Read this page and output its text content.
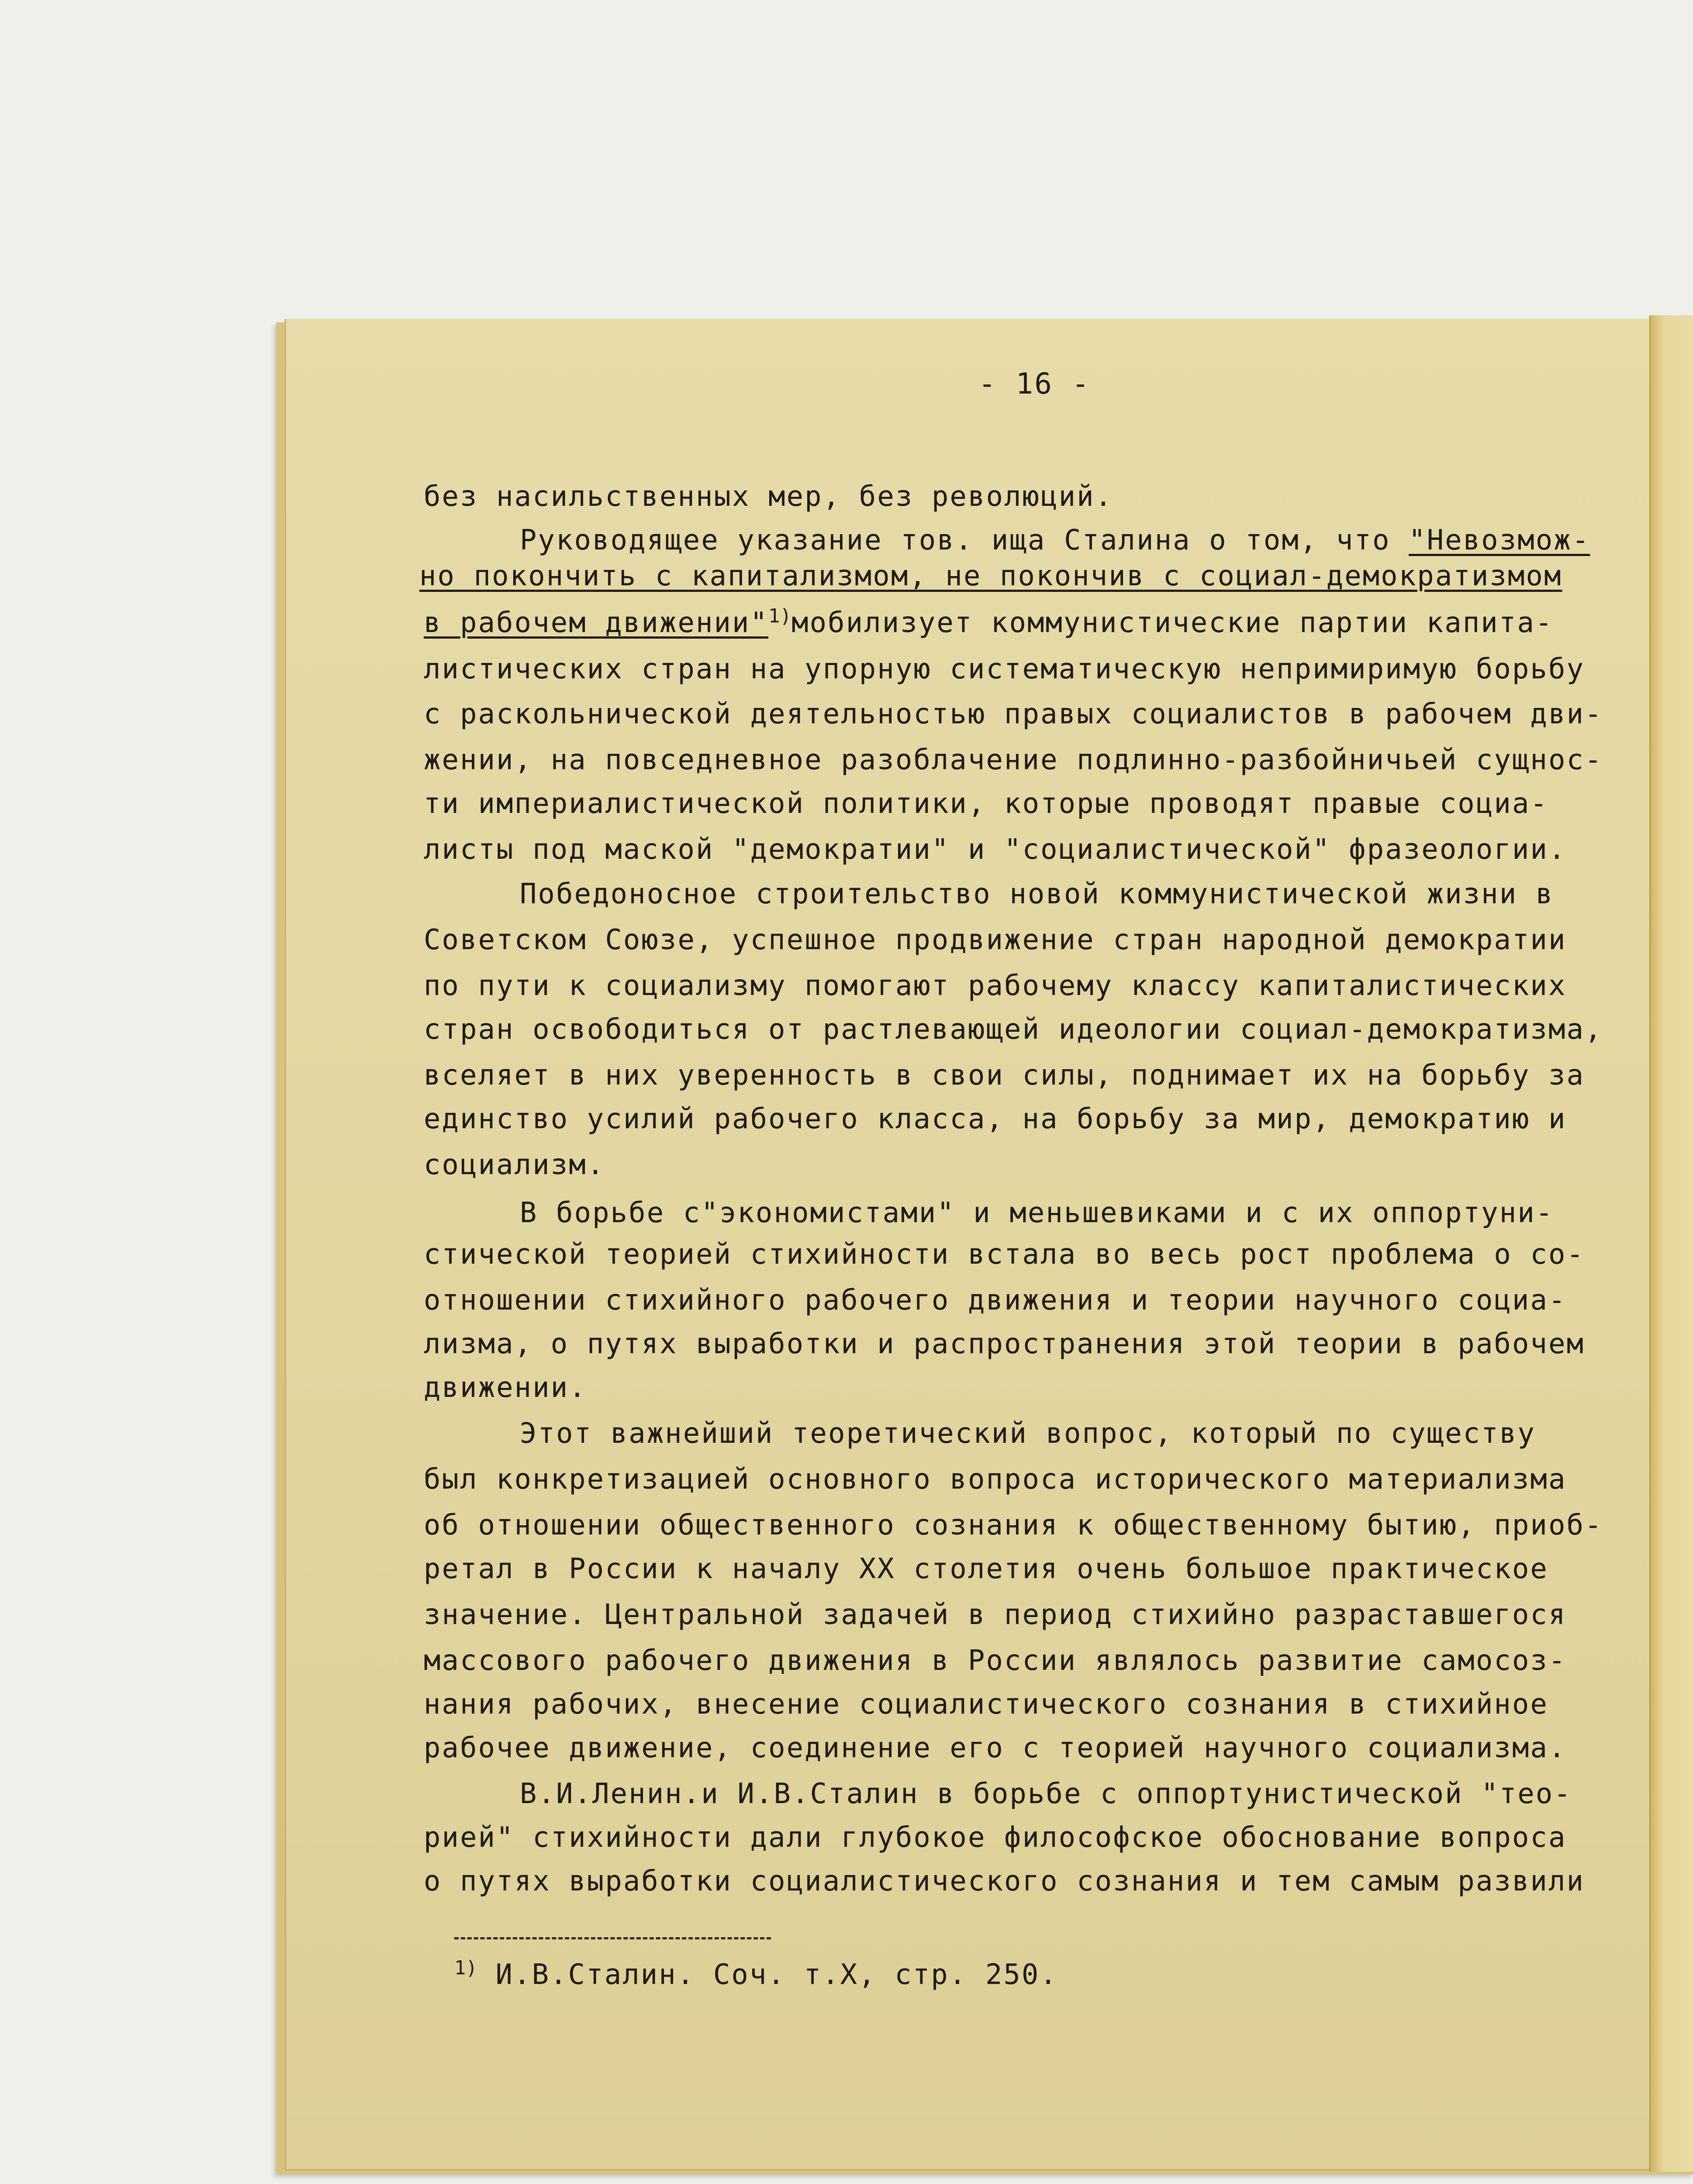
- 16 -
без насильственных мер, без революций.
Руководящее указание тов. ища Сталина о том, что "Невозмож-
но покончить с капитализмом, не покончив с социал-демократизмом
в рабочем движении"$^{1)}$мобилизует коммунистические партии капита-
листических стран на упорную систематическую непримиримую борьбу
с раскольнической деятельностью правых социалистов в рабочем дви-
жении, на повседневное разоблачение подлинно-разбойничьей сущнос-
ти империалистической политики, которые проводят правые социа-
листы под маской "демократии" и "социалистической" фразеологии.
Победоносное строительство новой коммунистической жизни в
Советском Союзе, успешное продвижение стран народной демократии
по пути к социализму помогают рабочему классу капиталистических
стран освободиться от растлевающей идеологии социал-демократизма,
вселяет в них уверенность в свои силы, поднимает их на борьбу за
единство усилий рабочего класса, на борьбу за мир, демократию и
социализм.
В борьбе с"экономистами" и меньшевиками и с их оппортуни-
стической теорией стихийности встала во весь рост проблема о со-
отношении стихийного рабочего движения и теории научного социа-
лизма, о путях выработки и распространения этой теории в рабочем
движении.
Этот важнейший теоретический вопрос, который по существу
был конкретизацией основного вопроса исторического материализма
об отношении общественного сознания к общественному бытию, приоб-
ретал в России к началу XX столетия очень большое практическое
значение. Центральной задачей в период стихийно разраставшегося
массового рабочего движения в России являлось развитие самосоз-
нания рабочих, внесение социалистического сознания в стихийное
рабочее движение, соединение его с теорией научного социализма.
В.И.Ленин.и И.В.Сталин в борьбе с оппортунистической "тео-
рией" стихийности дали глубокое философское обоснование вопроса
о путях выработки социалистического сознания и тем самым развили
$^{1)}$ И.В.Сталин. Соч. т.X, стр. 250.
